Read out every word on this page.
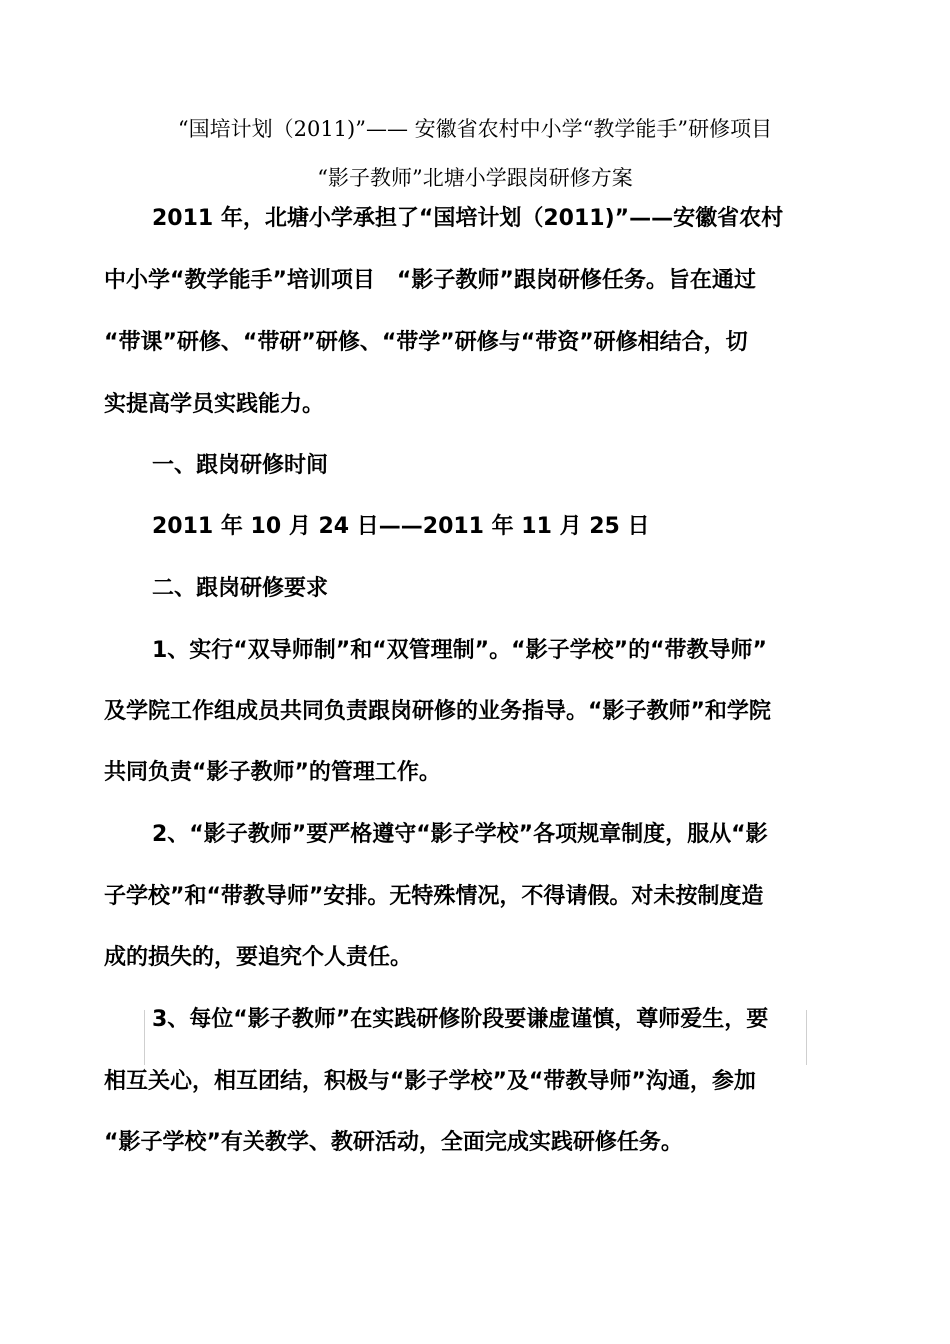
“国培计划（2011)”—— 安徽省农村中小学“教学能手”研修项目
“影子教师”北塘小学跟岗研修方案
2011 年，北塘小学承担了“国培计划（2011)”——安徽省农村
中小学“教学能手”培训项目　“影子教师”跟岗研修任务。旨在通过
“带课”研修、“带研”研修、“带学”研修与“带资”研修相结合，切
实提高学员实践能力。
一、跟岗研修时间
2011 年 10 月 24 日——2011 年 11 月 25 日
二、跟岗研修要求
1、实行“双导师制”和“双管理制”。“影子学校”的“带教导师”
及学院工作组成员共同负责跟岗研修的业务指导。“影子教师”和学院
共同负责“影子教师”的管理工作。
2、“影子教师”要严格遵守“影子学校”各项规章制度，服从“影
子学校”和“带教导师”安排。无特殊情况，不得请假。对未按制度造
成的损失的，要追究个人责任。
3、每位“影子教师”在实践研修阶段要谦虚谨慎，尊师爱生，要
相互关心，相互团结，积极与“影子学校”及“带教导师”沟通，参加
“影子学校”有关教学、教研活动，全面完成实践研修任务。
